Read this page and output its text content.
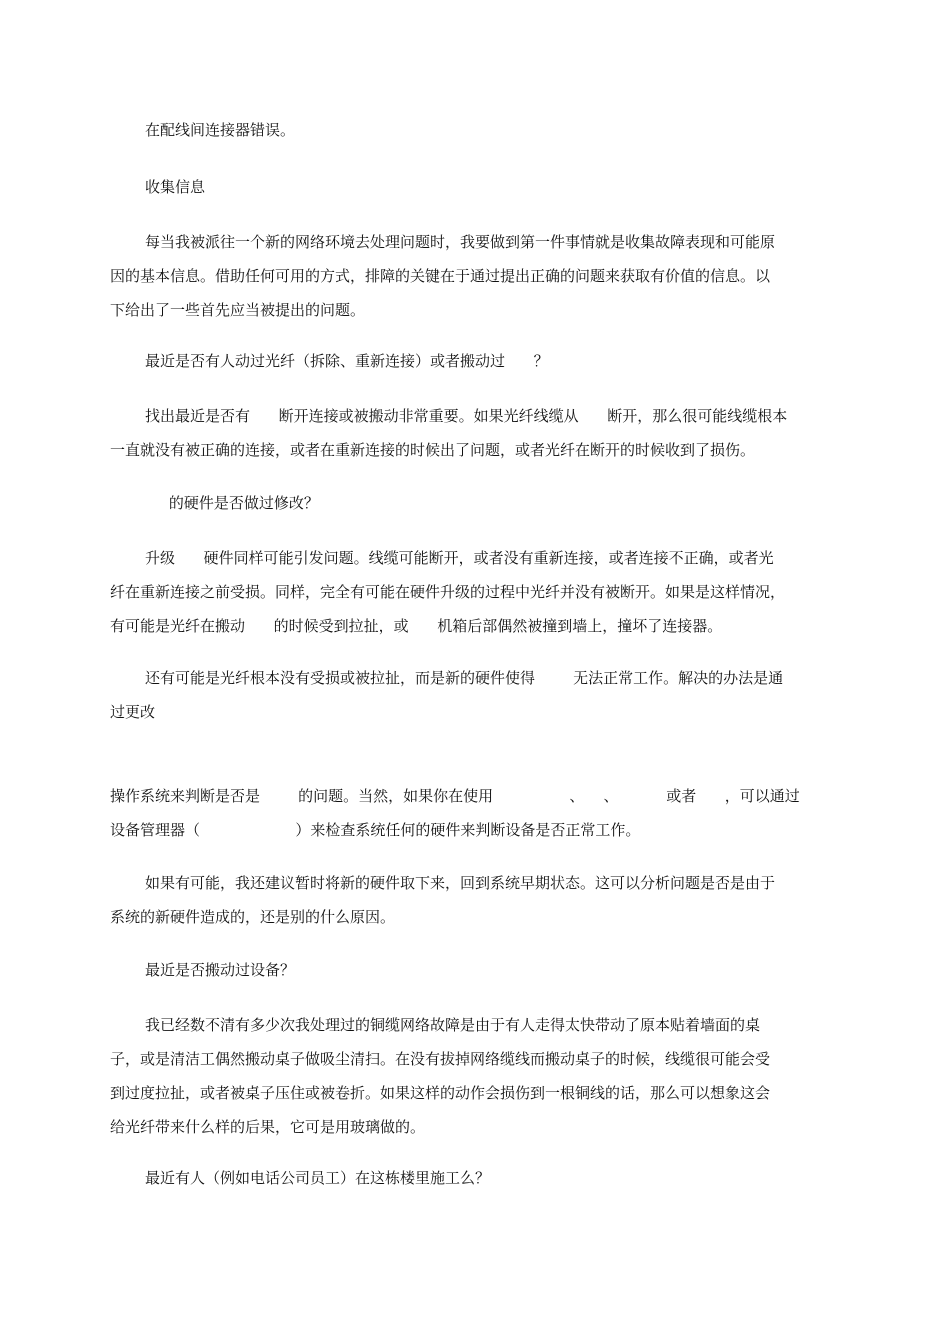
在配线间连接器错误。

收集信息

每当我被派往一个新的网络环境去处理问题时，我要做到第一件事情就是收集故障表现和可能原
因的基本信息。借助任何可用的方式，排障的关键在于通过提出正确的问题来获取有价值的信息。以
下给出了一些首先应当被提出的问题。

最近是否有人动过光纤（拆除、重新连接）或者搬动过      ？

找出最近是否有      断开连接或被搬动非常重要。如果光纤线缆从      断开，那么很可能线缆根本
一直就没有被正确的连接，或者在重新连接的时候出了问题，或者光纤在断开的时候收到了损伤。

的硬件是否做过修改？

升级      硬件同样可能引发问题。线缆可能断开，或者没有重新连接，或者连接不正确，或者光
纤在重新连接之前受损。同样，完全有可能在硬件升级的过程中光纤并没有被断开。如果是这样情况，
有可能是光纤在搬动      的时候受到拉扯，或      机箱后部偶然被撞到墙上，撞坏了连接器。

还有可能是光纤根本没有受损或被拉扯，而是新的硬件使得        无法正常工作。解决的办法是通
过更改

操作系统来判断是否是        的问题。当然，如果你在使用                、    、          或者      ，可以通过
设备管理器（                    ）来检查系统任何的硬件来判断设备是否正常工作。

如果有可能，我还建议暂时将新的硬件取下来，回到系统早期状态。这可以分析问题是否是由于
系统的新硬件造成的，还是别的什么原因。

最近是否搬动过设备？

我已经数不清有多少次我处理过的铜缆网络故障是由于有人走得太快带动了原本贴着墙面的桌
子，或是清洁工偶然搬动桌子做吸尘清扫。在没有拔掉网络缆线而搬动桌子的时候，线缆很可能会受
到过度拉扯，或者被桌子压住或被卷折。如果这样的动作会损伤到一根铜线的话，那么可以想象这会
给光纤带来什么样的后果，它可是用玻璃做的。

最近有人（例如电话公司员工）在这栋楼里施工么？
